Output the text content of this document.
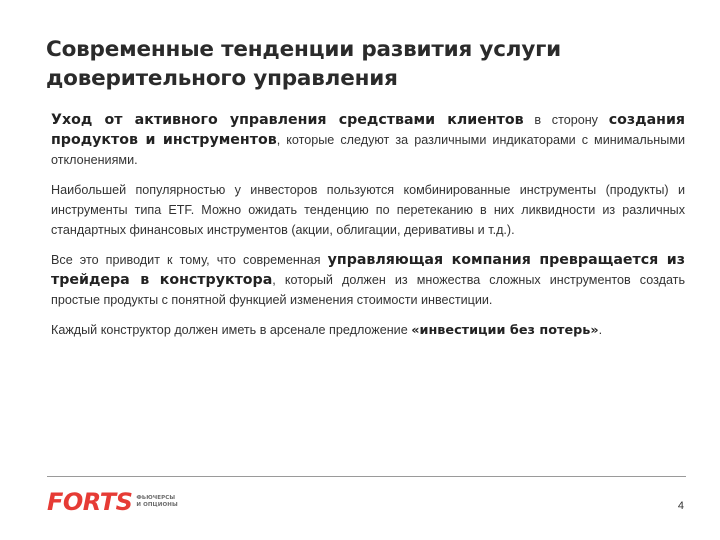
Современные тенденции развития услуги доверительного управления

Уход от активного управления средствами клиентов в сторону создания продуктов и инструментов, которые следуют за различными индикаторами с минимальными отклонениями.

Наибольшей популярностью у инвесторов пользуются комбинированные инструменты (продукты) и инструменты типа ETF. Можно ожидать тенденцию по перетеканию в них ликвидности из различных стандартных финансовых инструментов (акции, облигации, деривативы и т.д.).

Все это приводит к тому, что современная управляющая компания превращается из трейдера в конструктора, который должен из множества сложных инструментов создать простые продукты с понятной функцией изменения стоимости инвестиции.

Каждый конструктор должен иметь в арсенале предложение «инвестиции без потерь».

FORTS ФЬЮЧЕРСЫ
И ОПЦИОНЫ	4
